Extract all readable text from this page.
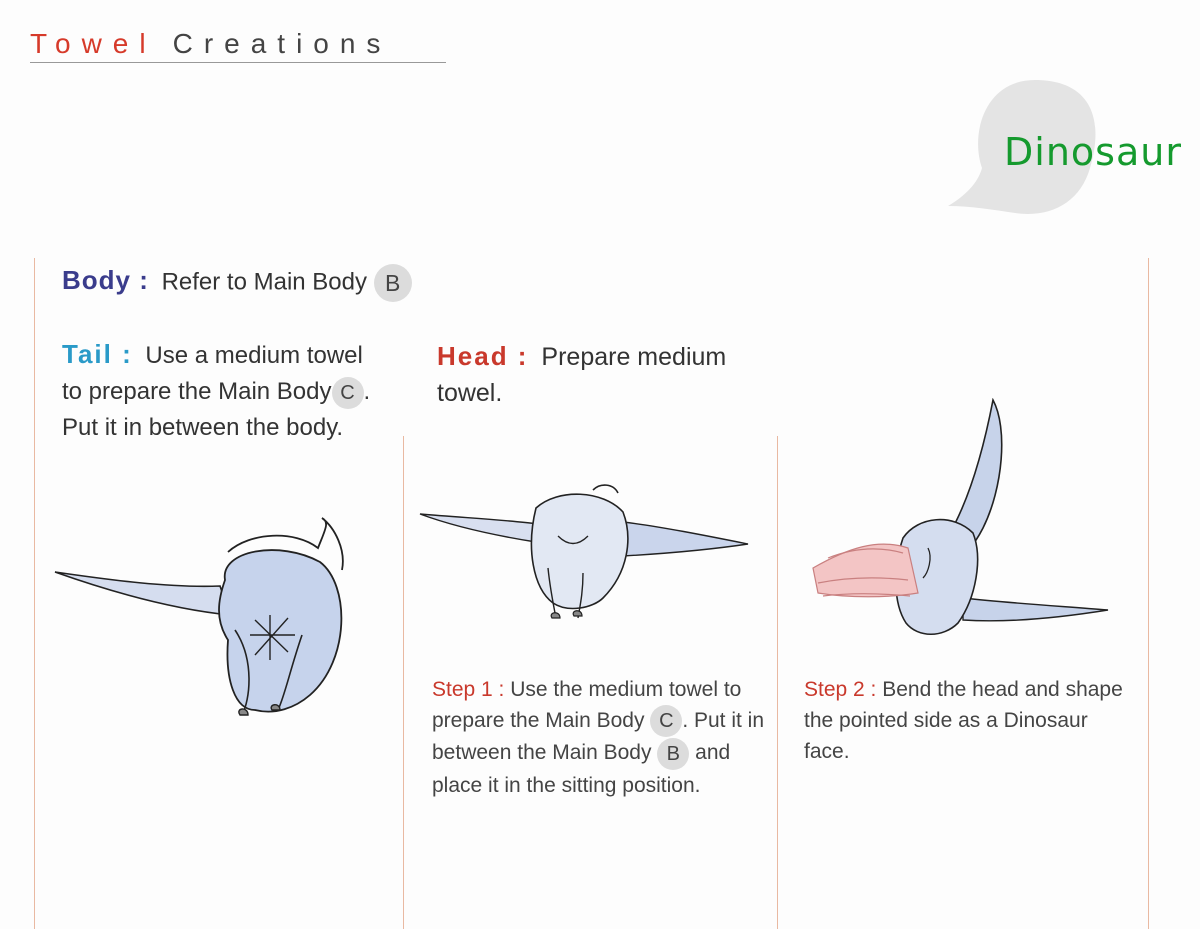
Towel Creations
Dinosaur
Body : Refer to Main Body B
Tail : Use a medium towel to prepare the Main Body C . Put it in between the body.
Head : Prepare medium towel.
Step 1 : Use the medium towel to prepare the Main Body C . Put it in between the Main Body B and place it in the sitting position.
Step 2 : Bend the head and shape the pointed side as a Dinosaur face.
